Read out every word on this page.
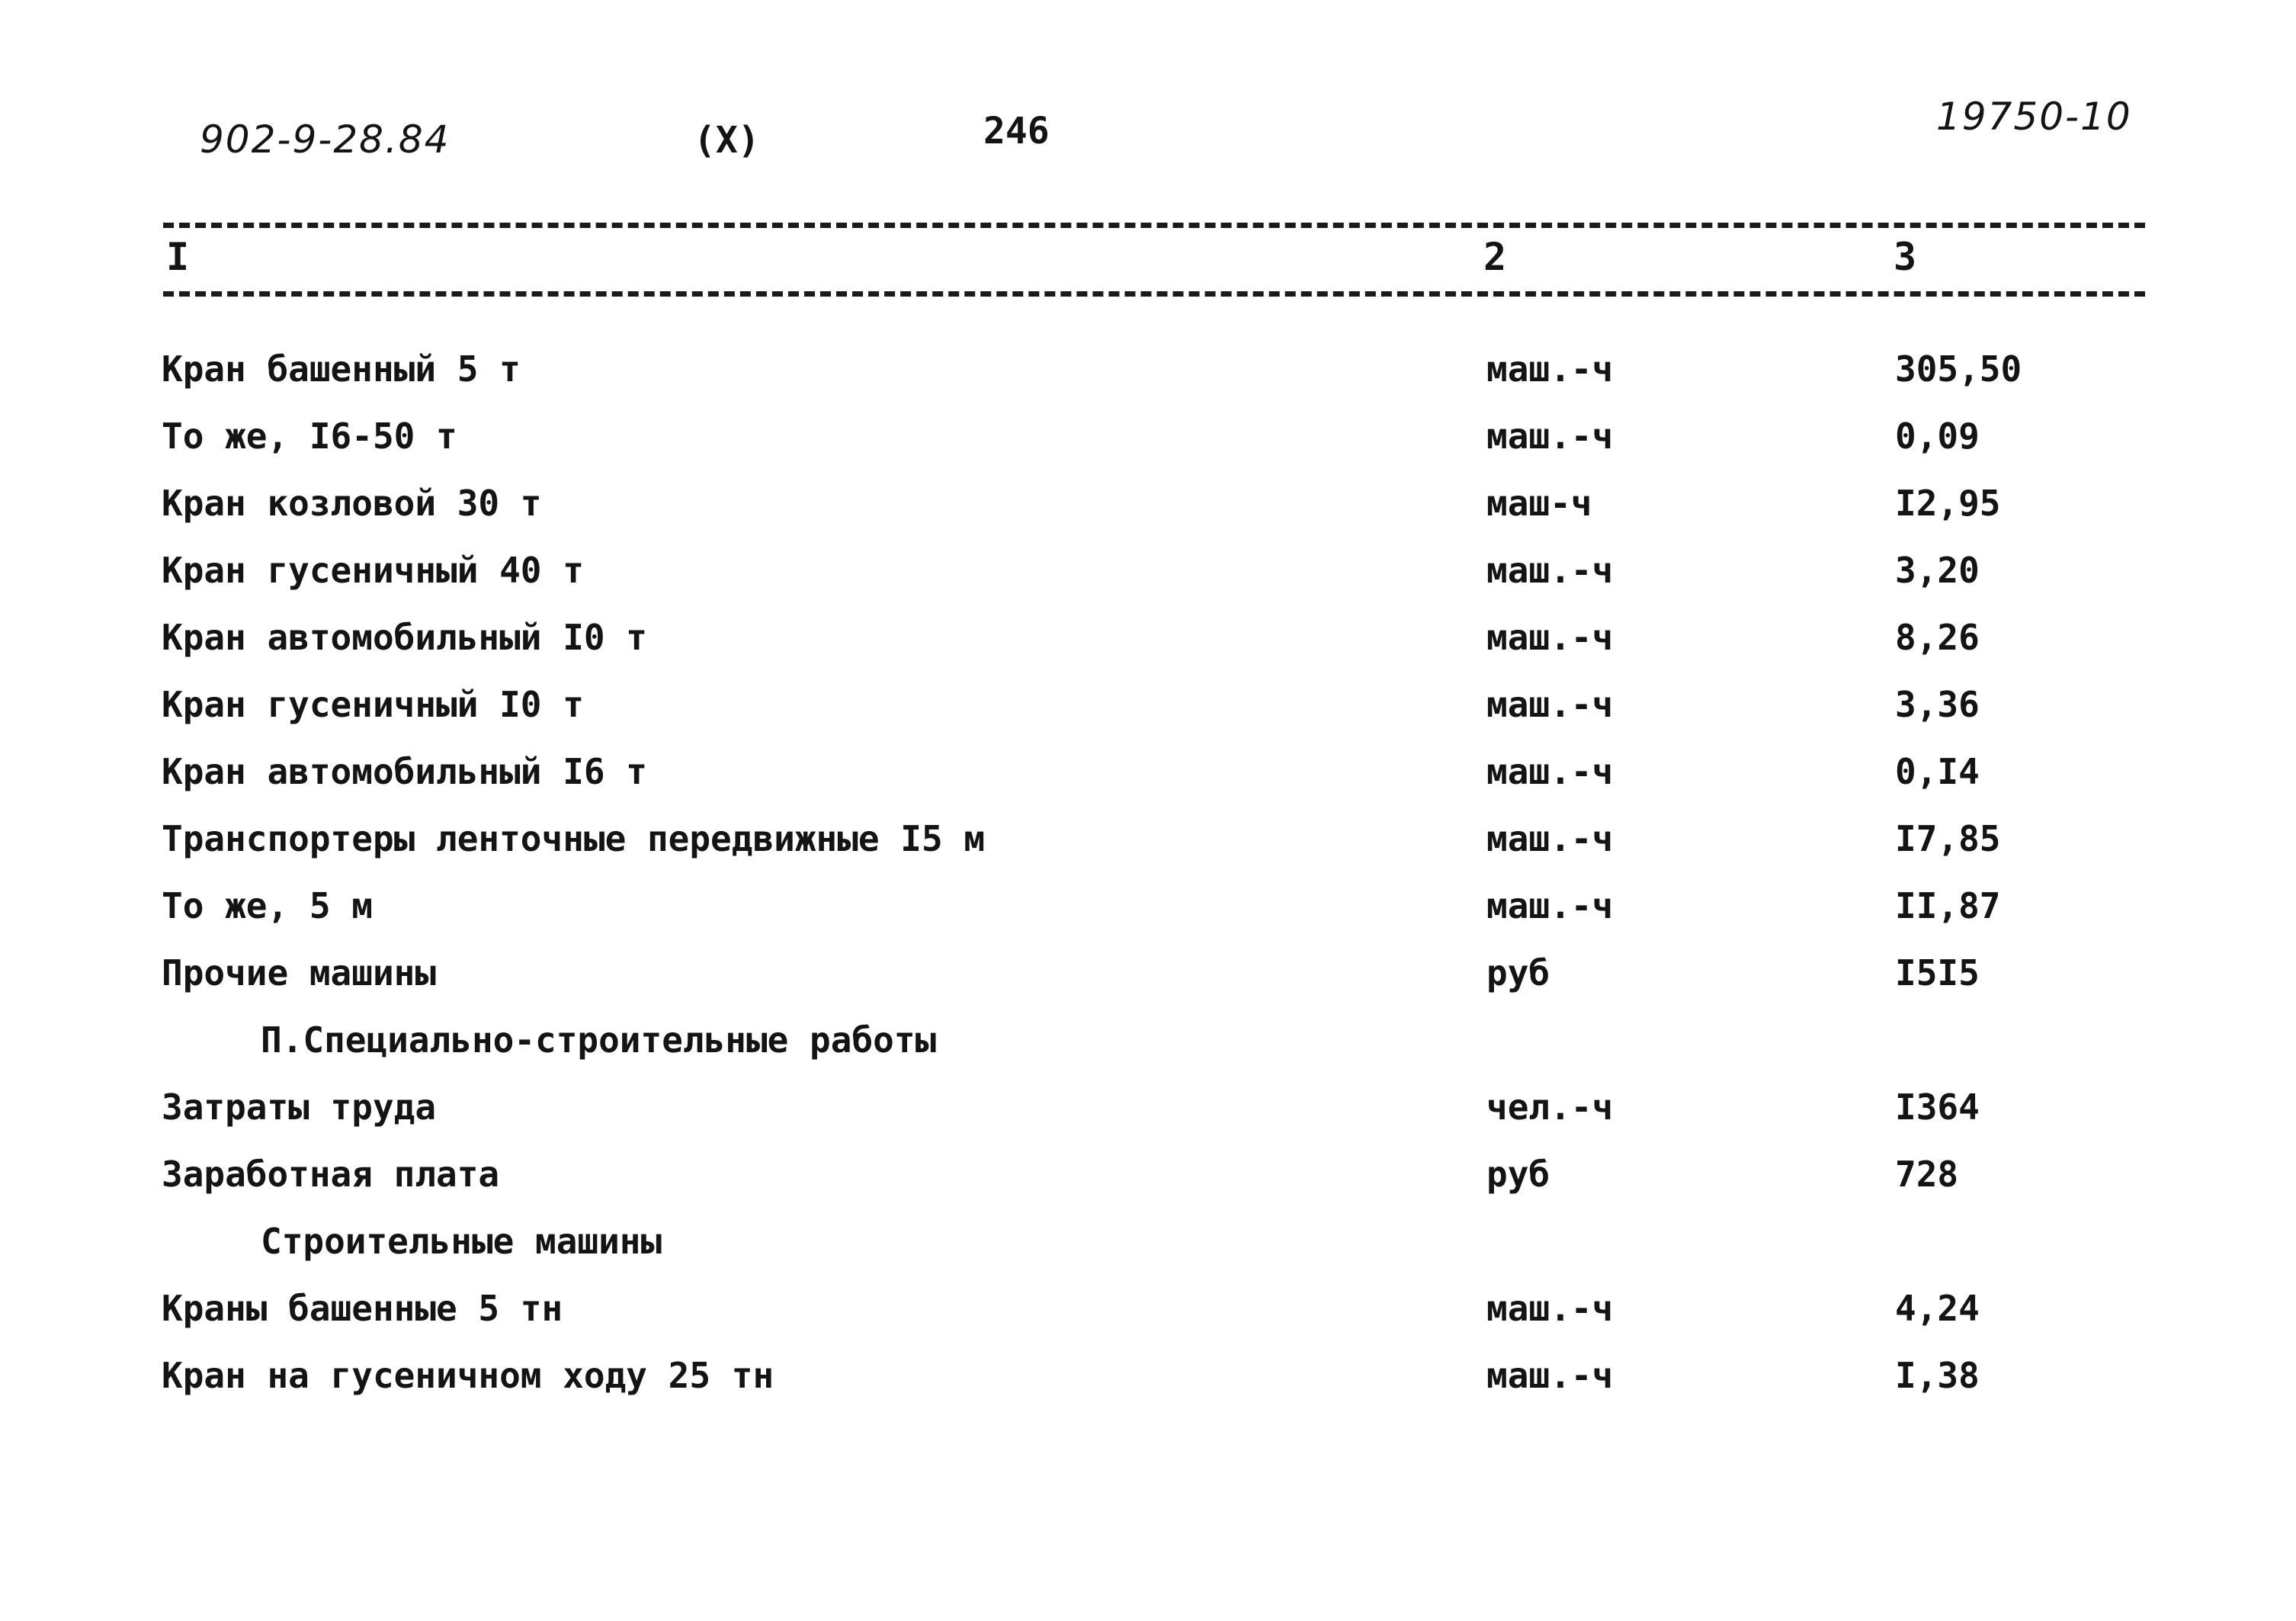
902-9-28.84	(X)	246	19750-10
I	2	3
Кран башенный 5 т	маш.-ч	305,50
То же, I6-50 т	маш.-ч	0,09
Кран козловой 30 т	маш-ч	I2,95
Кран гусеничный 40 т	маш.-ч	3,20
Кран автомобильный I0 т	маш.-ч	8,26
Кран гусеничный I0 т	маш.-ч	3,36
Кран автомобильный I6 т	маш.-ч	0,I4
Транспортеры ленточные передвижные I5 м	маш.-ч	I7,85
То же, 5 м	маш.-ч	II,87
Прочие машины	руб	I5I5
П.Специально-строительные работы
Затраты труда	чел.-ч	I364
Заработная плата	руб	728
Строительные машины
Краны башенные 5 тн	маш.-ч	4,24
Кран на гусеничном ходу 25 тн	маш.-ч	I,38
